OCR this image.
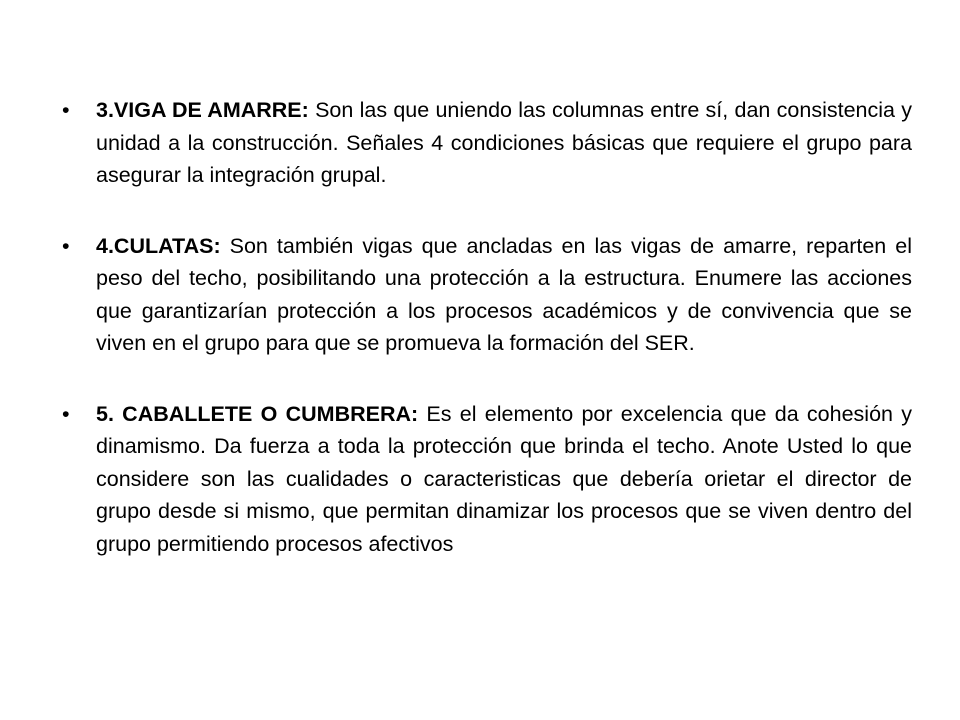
• 3.VIGA DE AMARRE: Son las que uniendo las columnas entre sí, dan consistencia y unidad a la construcción. Señales 4 condiciones básicas que requiere el grupo para asegurar la integración grupal.
• 4.CULATAS: Son también vigas que ancladas en las vigas de amarre, reparten el peso del techo, posibilitando una protección a la estructura. Enumere las acciones que garantizarían protección a los procesos académicos y de convivencia que se viven en el grupo para que se promueva la formación del SER.
• 5. CABALLETE O CUMBRERA: Es el elemento por excelencia que da cohesión y dinamismo. Da fuerza a toda la protección que brinda el techo. Anote Usted lo que considere son las cualidades o caracteristicas que debería orietar el director de grupo desde si mismo, que permitan dinamizar los procesos que se viven dentro del grupo permitiendo procesos afectivos
